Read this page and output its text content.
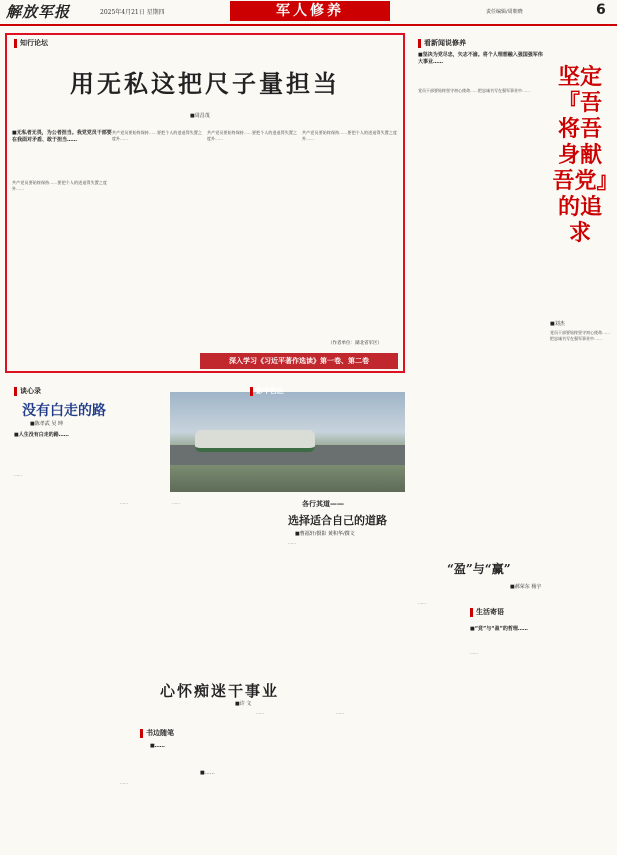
解放军报	2025年4月21日 星期四	军人修养	责任编辑/周朝晓	6
知行论坛
用无私这把尺子量担当
■周昌茂
■无私者无畏，为公者担当。我党党员干部要在我面对矛盾、敢于担当……
共产党员要始终保持……要把个人的进退得失置之度外……
共产党员要始终保持……要把个人的进退得失置之度外……
共产党员要始终保持……要把个人的进退得失置之度外……
共产党员要始终保持……要把个人的进退得失置之度外……
（作者单位：湖北省军区）
深入学习《习近平著作选读》第一卷、第二卷
看新闻说修养
■坚决为党尽忠，矢志不渝。将个人理想融入强国强军伟大事业……
党员干部要始终坚守初心使命……把忠诚书写在强军事业中……
坚定『吾将吾身献吾党』的追求
■刘杰
党员干部要始终坚守初心使命……把忠诚书写在强军事业中……
“盈”与“赢”
■郝荣东 杨宇
……
生活寄语
■“竞”与“盈”的哲理……
……
谈心录
没有白走的路
■陈孝武 吴 坤
■人生没有白走的路……
……
影中哲丝
……	……	各行其道——
选择适合自己的道路
■曹福轩/摄影 黄积华/撰文
……
心怀痴迷干事业
■许 文
书边随笔
■……
■……
……
……	……
